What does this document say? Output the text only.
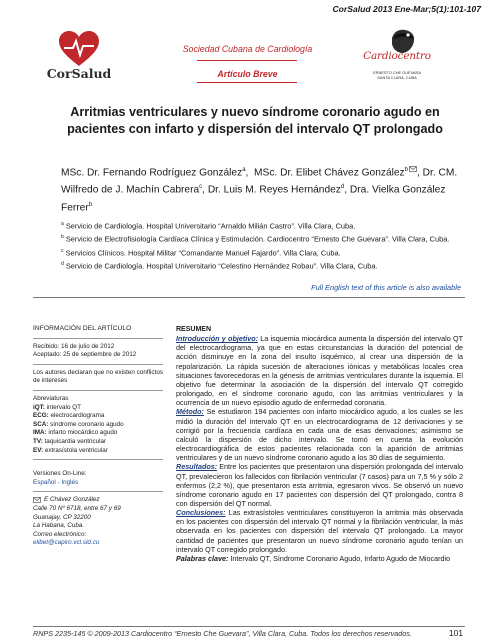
CorSalud 2013 Ene-Mar;5(1):101-107
CorSalud
Sociedad Cubana de Cardiología
Artículo Breve
Cardiocentro
ERNESTO CHE GUEVARA
SANTA CLARA, CUBA
Arritmias ventriculares y nuevo síndrome coronario agudo en pacientes con infarto y dispersión del intervalo QT prolongado
MSc. Dr. Fernando Rodríguez González$^a$,  MSc. Dr. Elibet Chávez González$^b$ , Dr. CM. Wilfredo de J. Machín Cabrera$^c$, Dr. Luis M. Reyes Hernández$^d$, Dra. Vielka González Ferrer$^b$

$^a$ Servicio de Cardiología. Hospital Universitario “Arnaldo Milián Castro”. Villa Clara, Cuba.

$^b$ Servicio de Electrofisiología Cardíaca Clínica y Estimulación. Cardiocentro “Ernesto Che Guevara”. Villa Clara, Cuba.

$^c$ Servicios Clínicos. Hospital Militar “Comandante Manuel Fajardo”. Villa Clara, Cuba.

$^d$ Servicio de Cardiología. Hospital Universitario “Celestino Hernández Robau”. Villa Clara, Cuba.

Full English text of this article is also available
INFORMACIÓN DEL ARTÍCULO
Recibido: 16 de julio de 2012
Aceptado: 25 de septiembre de 2012
Los autores declaran que no existen conflictos de intereses
Abreviaturas
iQT: intervalo QT
ECG: electrocardiograma
SCA: síndrome coronario agudo
IMA: infarto miocárdico agudo
TV: taquicardia ventricular
EV: extrasístola ventricular
Versiones On-Line:
Español - Inglés
E Chávez González
Calle 70 Nº 6718, entre 67 y 69
Guanajay, CP 32200
La Habana, Cuba.
Correo electrónico:
elibet@capiro.vcl.sld.cu
RESUMEN

Introducción y objetivo: La isquemia miocárdica aumenta la dispersión del intervalo QT del electrocardiograma, ya que en estas circunstancias la duración del potencial de acción disminuye en la zona del insulto isquémico, al crear una dispersión de la repolarización. La rápida sucesión de alteraciones iónicas y metabólicas locales crea situaciones favorecedoras en la génesis de arritmias ventriculares durante la isquemia. El objetivo fue determinar la asociación de la dispersión del intervalo QT corregido prolongado, en el síndrome coronario agudo, con las arritmias ventriculares y la ocurrencia de un nuevo episodio agudo de enfermedad coronaria.

Método: Se estudiaron 194 pacientes con infarto miocárdico agudo, a los cuales se les midió la duración del intervalo QT en un electrocardiograma de 12 derivaciones y se corrigió por la frecuencia cardíaca en cada una de esas derivaciones; asimismo se calculó la dispersión de dicho intervalo. Se tomó en cuenta la evolución electrocardiográfica de estos pacientes relacionada con la aparición de arritmias ventriculares y de un nuevo síndrome coronario agudo a los 30 días de seguimiento.

Resultados: Entre los pacientes que presentaron una dispersión prolongada del intervalo QT, prevalecieron los fallecidos con fibrilación ventricular (7 casos) para un 7,5 % y sólo 2 enfermos (2,2 %), que presentaron esta arritmia, egresaron vivos. Se observó un nuevo síndrome coronario agudo en 17 pacientes con dispersión del QT prolongado, contra 8 con dispersión del QT normal.

Conclusiones: Las extrasístoles ventriculares constituyeron la arritmia más observada en los pacientes con dispersión del intervalo QT normal y la fibrilación ventricular, la más observada en los pacientes con dispersión del intervalo QT prolongado. La mayor cantidad de pacientes que presentaron un nuevo síndrome coronario agudo tenían un intervalo QT corregido prolongado.

Palabras clave: Intervalo QT, Síndrome Coronario Agudo, Infarto Agudo de Miocardio

RNPS 2235-145 © 2009-2013 Cardiocentro “Ernesto Che Guevara”, Villa Clara, Cuba. Todos los derechos reservados.	101
